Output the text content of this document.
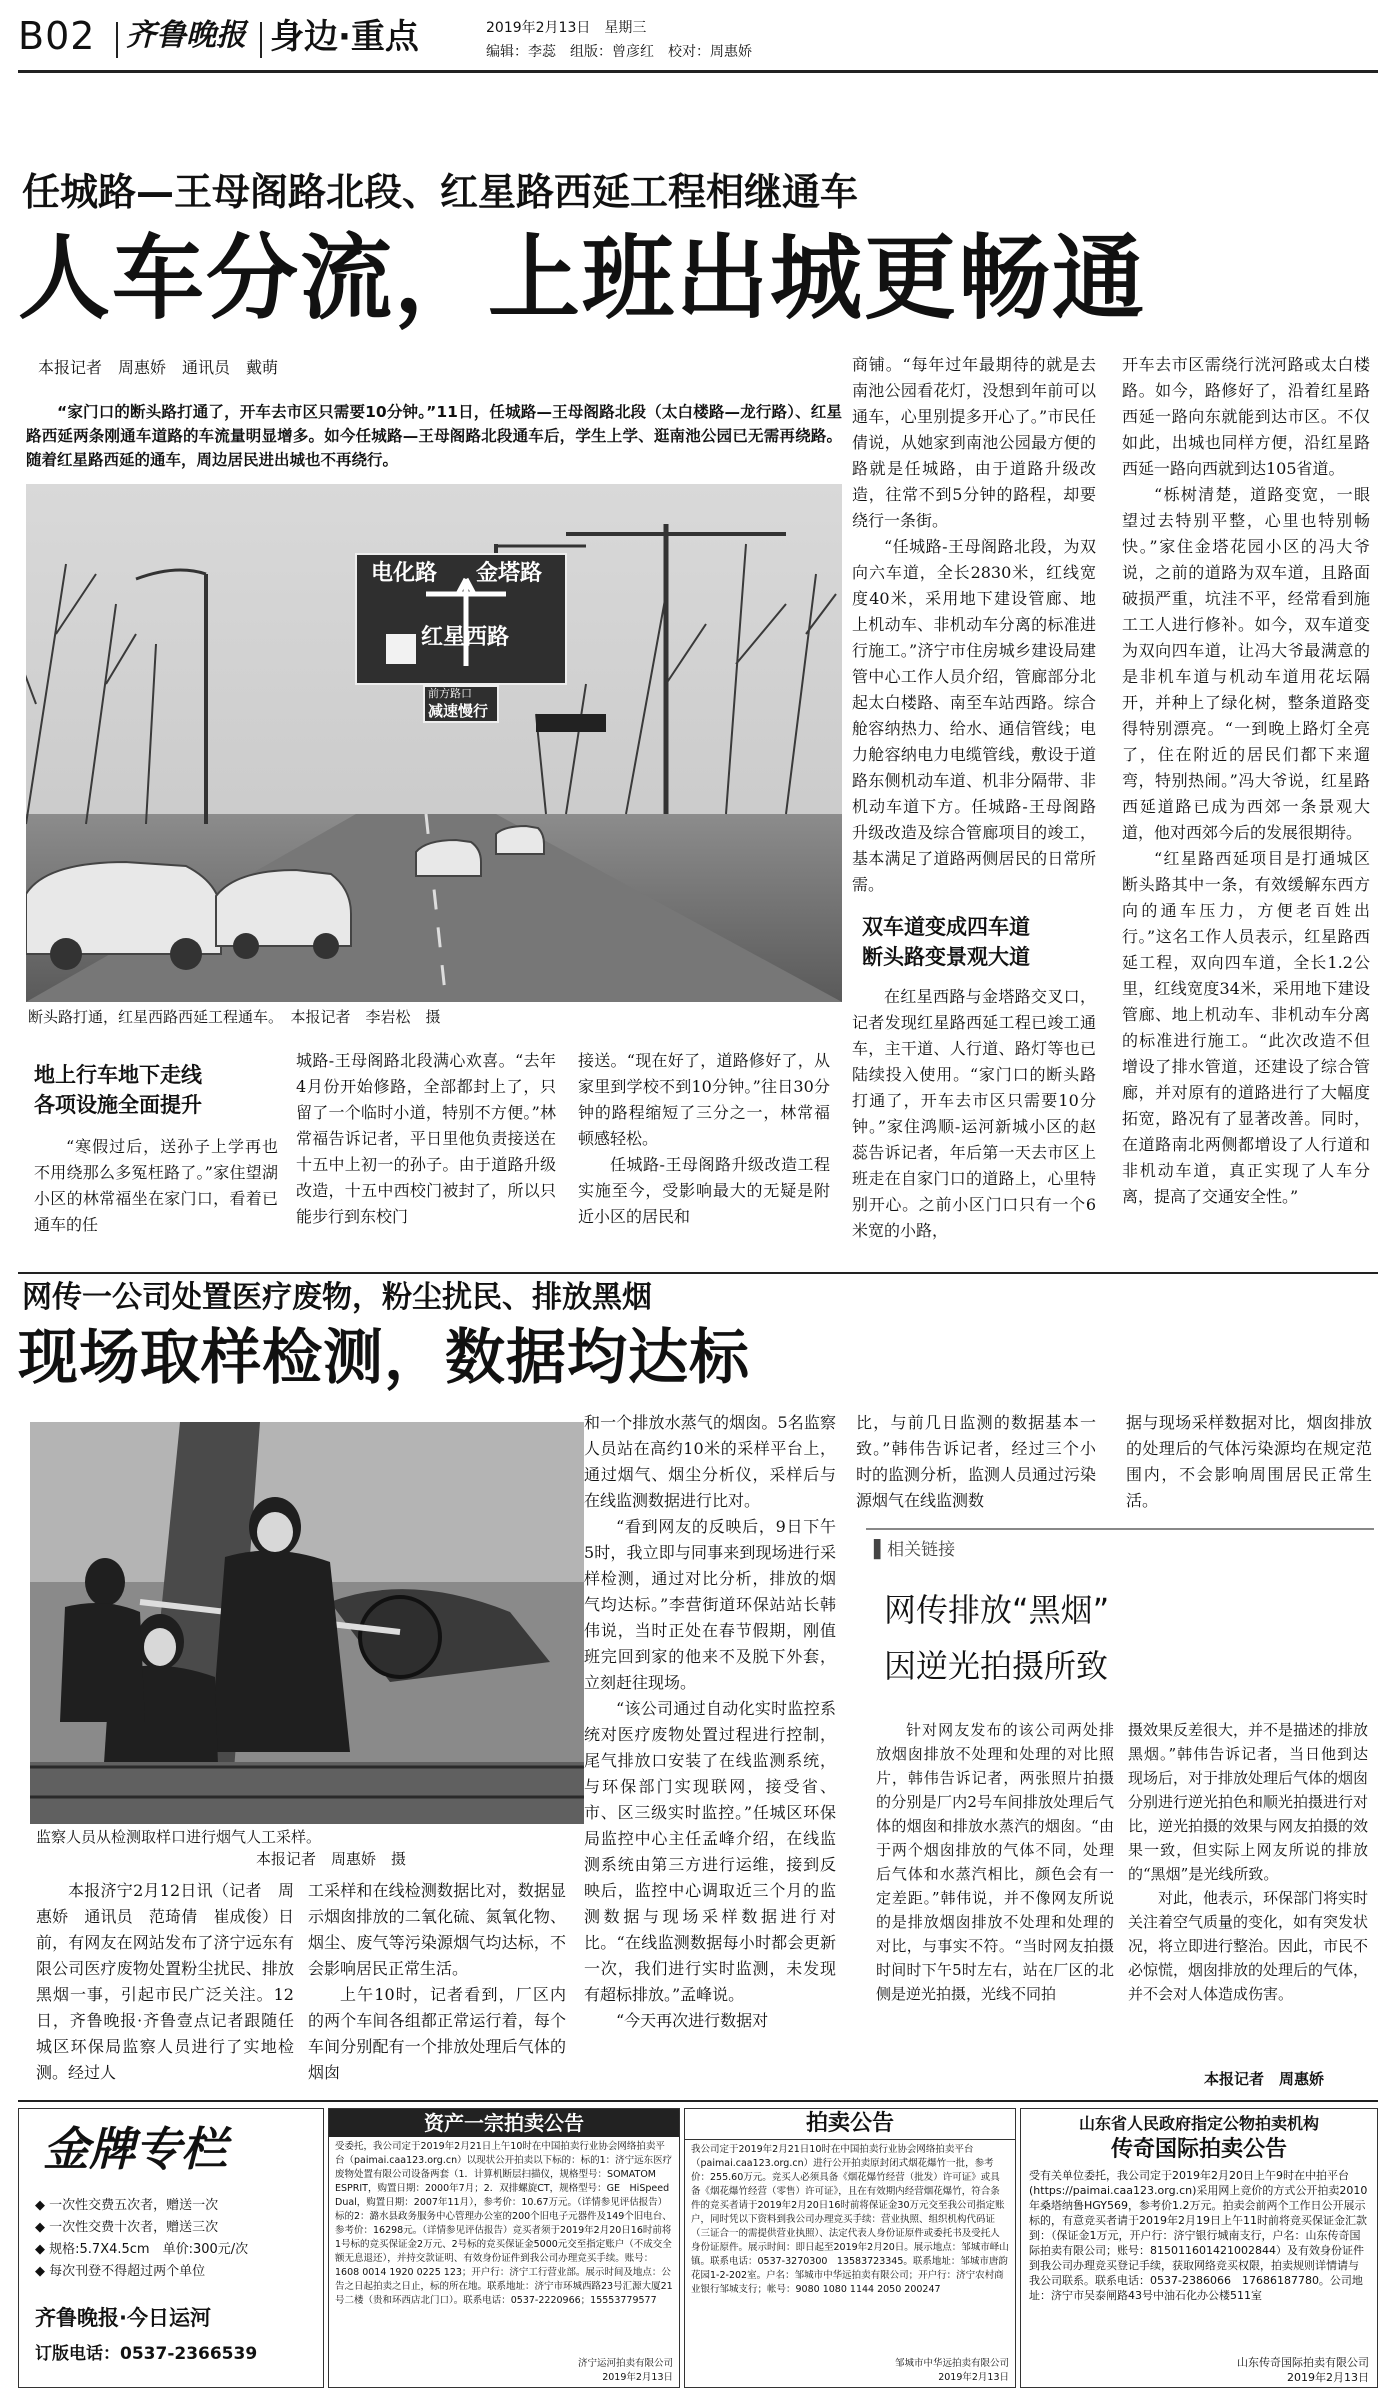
B02 齐鲁晚报 身边·重点	2019年2月13日　星期三
编辑：李蕊　组版：曾彦红　校对：周惠娇
任城路—王母阁路北段、红星路西延工程相继通车
人车分流，上班出城更畅通
本报记者　周惠娇　通讯员　戴萌

“家门口的断头路打通了，开车去市区只需要10分钟。”11日，任城路—王母阁路北段（太白楼路—龙行路）、红星路西延两条刚通车道路的车流量明显增多。如今任城路—王母阁路北段通车后，学生上学、逛南池公园已无需再绕路。随着红星路西延的通车，周边居民进出城也不再绕行。

电化路 金塔路
红星西路
前方路口
减速慢行
断头路打通，红星西路西延工程通车。　本报记者　李岩松　摄
地上行车地下走线
各项设施全面提升

“寒假过后，送孙子上学再也不用绕那么多冤枉路了。”家住望湖小区的林常福坐在家门口，看着已通车的任

城路-王母阁路北段满心欢喜。“去年4月份开始修路，全部都封上了，只留了一个临时小道，特别不方便。”林常福告诉记者，平日里他负责接送在十五中上初一的孙子。由于道路升级改造，十五中西校门被封了，所以只能步行到东校门

接送。“现在好了，道路修好了，从家里到学校不到10分钟。”往日30分钟的路程缩短了三分之一，林常福顿感轻松。

任城路-王母阁路升级改造工程实施至今，受影响最大的无疑是附近小区的居民和

商铺。“每年过年最期待的就是去南池公园看花灯，没想到年前可以通车，心里别提多开心了。”市民任倩说，从她家到南池公园最方便的路就是任城路，由于道路升级改造，往常不到5分钟的路程，却要绕行一条街。

“任城路-王母阁路北段，为双向六车道，全长2830米，红线宽度40米，采用地下建设管廊、地上机动车、非机动车分离的标准进行施工。”济宁市住房城乡建设局建管中心工作人员介绍，管廊部分北起太白楼路、南至车站西路。综合舱容纳热力、给水、通信管线；电力舱容纳电力电缆管线，敷设于道路东侧机动车道、机非分隔带、非机动车道下方。任城路-王母阁路升级改造及综合管廊项目的竣工，基本满足了道路两侧居民的日常所需。

双车道变成四车道
断头路变景观大道

在红星西路与金塔路交叉口，记者发现红星路西延工程已竣工通车，主干道、人行道、路灯等也已陆续投入使用。“家门口的断头路打通了，开车去市区只需要10分钟。”家住鸿顺-运河新城小区的赵蕊告诉记者，年后第一天去市区上班走在自家门口的道路上，心里特别开心。之前小区门口只有一个6米宽的小路，

开车去市区需绕行洸河路或太白楼路。如今，路修好了，沿着红星路西延一路向东就能到达市区。不仅如此，出城也同样方便，沿红星路西延一路向西就到达105省道。

“栎树清楚，道路变宽，一眼望过去特别平整，心里也特别畅快。”家住金塔花园小区的冯大爷说，之前的道路为双车道，且路面破损严重，坑洼不平，经常看到施工工人进行修补。如今，双车道变为双向四车道，让冯大爷最满意的是非机车道与机动车道用花坛隔开，并种上了绿化树，整条道路变得特别漂亮。“一到晚上路灯全亮了，住在附近的居民们都下来遛弯，特别热闹。”冯大爷说，红星路西延道路已成为西郊一条景观大道，他对西郊今后的发展很期待。

“红星路西延项目是打通城区断头路其中一条，有效缓解东西方向的通车压力，方便老百姓出行。”这名工作人员表示，红星路西延工程，双向四车道，全长1.2公里，红线宽度34米，采用地下建设管廊、地上机动车、非机动车分离的标准进行施工。“此次改造不但增设了排水管道，还建设了综合管廊，并对原有的道路进行了大幅度拓宽，路况有了显著改善。同时，在道路南北两侧都增设了人行道和非机动车道，真正实现了人车分离，提高了交通安全性。”

网传一公司处置医疗废物，粉尘扰民、排放黑烟
现场取样检测，数据均达标
监察人员从检测取样口进行烟气人工采样。
本报记者　周惠娇　摄

本报济宁2月12日讯（记者　周惠娇　通讯员　范琦倩　崔成俊）日前，有网友在网站发布了济宁远东有限公司医疗废物处置粉尘扰民、排放黑烟一事，引起市民广泛关注。12日，齐鲁晚报·齐鲁壹点记者跟随任城区环保局监察人员进行了实地检测。经过人

工采样和在线检测数据比对，数据显示烟囱排放的二氧化硫、氮氧化物、烟尘、废气等污染源烟气均达标，不会影响居民正常生活。

上午10时，记者看到，厂区内的两个车间各组都正常运行着，每个车间分别配有一个排放处理后气体的烟囱

和一个排放水蒸气的烟囱。5名监察人员站在高约10米的采样平台上，通过烟气、烟尘分析仪，采样后与在线监测数据进行比对。

“看到网友的反映后，9日下午5时，我立即与同事来到现场进行采样检测，通过对比分析，排放的烟气均达标。”李营街道环保站站长韩伟说，当时正处在春节假期，刚值班完回到家的他来不及脱下外套，立刻赶往现场。

“该公司通过自动化实时监控系统对医疗废物处置过程进行控制，尾气排放口安装了在线监测系统，与环保部门实现联网，接受省、市、区三级实时监控。”任城区环保局监控中心主任孟峰介绍，在线监测系统由第三方进行运维，接到反映后，监控中心调取近三个月的监测数据与现场采样数据进行对比。“在线监测数据每小时都会更新一次，我们进行实时监测，未发现有超标排放。”孟峰说。

“今天再次进行数据对

比，与前几日监测的数据基本一致。”韩伟告诉记者，经过三个小时的监测分析，监测人员通过污染源烟气在线监测数

据与现场采样数据对比，烟囱排放的处理后的气体污染源均在规定范围内，不会影响周围居民正常生活。

▌相关链接
网传排放“黑烟”
因逆光拍摄所致

针对网友发布的该公司两处排放烟囱排放不处理和处理的对比照片，韩伟告诉记者，两张照片拍摄的分别是厂内2号车间排放处理后气体的烟囱和排放水蒸汽的烟囱。“由于两个烟囱排放的气体不同，处理后气体和水蒸汽相比，颜色会有一定差距。”韩伟说，并不像网友所说的是排放烟囱排放不处理和处理的对比，与事实不符。“当时网友拍摄时间时下午5时左右，站在厂区的北侧是逆光拍摄，光线不同拍

摄效果反差很大，并不是描述的排放黑烟。”韩伟告诉记者，当日他到达现场后，对于排放处理后气体的烟囱分别进行逆光拍色和顺光拍摄进行对比，逆光拍摄的效果与网友拍摄的效果一致，但实际上网友所说的排放的“黑烟”是光线所致。

对此，他表示，环保部门将实时关注着空气质量的变化，如有突发状况，将立即进行整治。因此，市民不必惊慌，烟囱排放的处理后的气体，并不会对人体造成伤害。

本报记者　周惠娇
金牌专栏
◆ 一次性交费五次者，赠送一次
◆ 一次性交费十次者，赠送三次
◆ 规格:5.7X4.5cm　单价:300元/次
◆ 每次刊登不得超过两个单位
齐鲁晚报·今日运河
订版电话：0537-2366539
资产一宗拍卖公告
受委托，我公司定于2019年2月21日上午10时在中国拍卖行业协会网络拍卖平台（paimai.caa123.org.cn）以现状公开拍卖以下标的：标的1：济宁远东医疗废物处置有限公司设备两套（1．计算机断层扫描仪，规格型号：SOMATOM　ESPRIT，购置日期：2000年7月；2．双排螺旋CT，规格型号：GE　HiSpeed　Dual，购置日期：2007年11月），参考价：10.67万元。（详情参见评估报告）标的2：潞水县政务服务中心管理办公室的200个旧电子元器件及149个旧电台、参考价：16298元。（详情参见评估报告）竞买者须于2019年2月20日16时前将1号标的竞买保证金2万元、2号标的竞买保证金5000元交至指定账户（不成交全额无息退还），并持交款证明、有效身份证件到我公司办理竞买手续。账号：1608 0014 1920 0225 123；开户行：济宁工行营业部。展示时间及地点：公告之日起拍卖之日止，标的所在地。联系地址：济宁市环城西路23号汇源大厦21号二楼（贵和环西店北门口）。联系电话：0537-2220966；15553779577
济宁运河拍卖有限公司
2019年2月13日
拍卖公告
我公司定于2019年2月21日10时在中国拍卖行业协会网络拍卖平台（paimai.caa123.org.cn）进行公开拍卖原封闭式烟花爆竹一批，参考价：255.60万元。竞买人必须具备《烟花爆竹经营（批发）许可证》或具备《烟花爆竹经营（零售）许可证》，且在有效期内经营烟花爆竹，符合条件的竞买者请于2019年2月20日16时前将保证金30万元交至我公司指定账户，同时凭以下资料到我公司办理竞买手续：营业执照、组织机构代码证（三证合一的需提供营业执照）、法定代表人身份证原件或委托书及受托人身份证原件。展示时间：即日起至2019年2月20日。展示地点：邹城市峄山镇。联系电话：0537-3270300　13583723345。联系地址：邹城市唐韵花园1-2-202室。户名：邹城市中华远拍卖有限公司；开户行：济宁农村商业银行邹城支行；帐号：9080 1080 1144 2050 200247
邹城市中华远拍卖有限公司
2019年2月13日
山东省人民政府指定公物拍卖机构
传奇国际拍卖公告
受有关单位委托，我公司定于2019年2月20日上午9时在中拍平台(https://paimai.caa123.org.cn)采用网上竞价的方式公开拍卖2010年桑塔纳鲁HGY569，参考价1.2万元。拍卖会前两个工作日公开展示标的，有意竞买者请于2019年2月19日上午11时前将竞买保证金汇款到：（保证金1万元，开户行：济宁银行城南支行，户名：山东传奇国际拍卖有限公司；账号：815011601421002844）及有效身份证件到我公司办理竞买登记手续，获取网络竞买权限，拍卖规则详情请与我公司联系。联系电话：0537-2386066　17686187780。公司地址：济宁市吴泰闸路43号中油石化办公楼511室
山东传奇国际拍卖有限公司
2019年2月13日
